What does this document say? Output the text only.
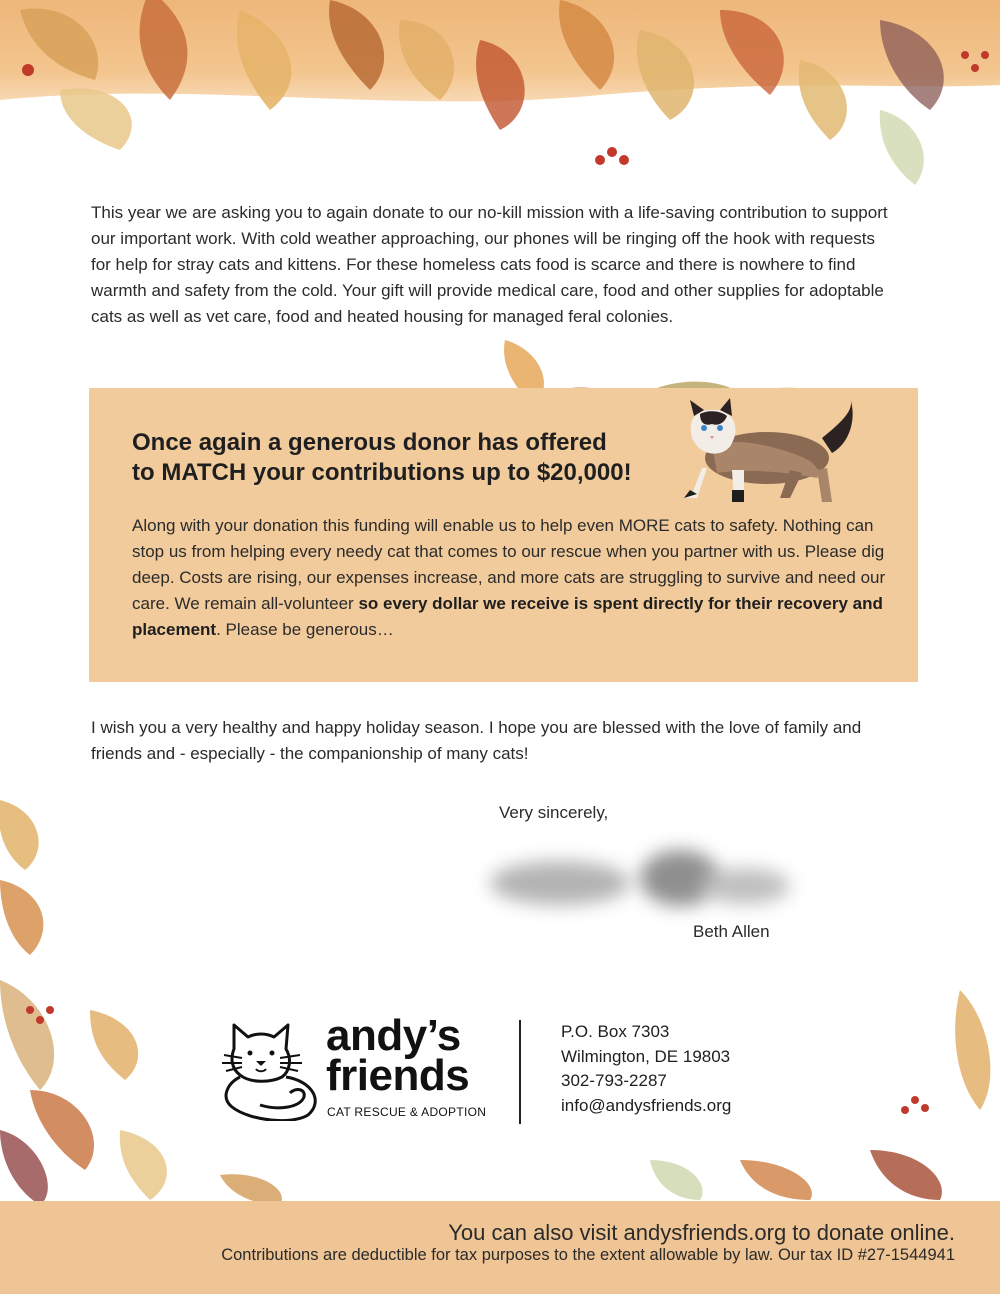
This year we are asking you to again donate to our no-kill mission with a life-saving contribution to support our important work. With cold weather approaching, our phones will be ringing off the hook with requests for help for stray cats and kittens. For these homeless cats food is scarce and there is nowhere to find warmth and safety from the cold. Your gift will provide medical care, food and other supplies for adoptable cats as well as vet care, food and heated housing for managed feral colonies.

Once again a generous donor has offered
to MATCH your contributions up to $20,000!

Along with your donation this funding will enable us to help even MORE cats to safety. Nothing can stop us from helping every needy cat that comes to our rescue when you partner with us. Please dig deep. Costs are rising, our expenses increase, and more cats are struggling to survive and need our care. We remain all-volunteer so every dollar we receive is spent directly for their recovery and placement. Please be generous…

I wish you a very healthy and happy holiday season. I hope you are blessed with the love of family and friends and - especially - the companionship of many cats!

Very sincerely,
Beth Allen
andy’s
friends
CAT RESCUE & ADOPTION
P.O. Box 7303
Wilmington, DE 19803
302-793-2287
info@andysfriends.org
You can also visit andysfriends.org to donate online.
Contributions are deductible for tax purposes to the extent allowable by law. Our tax ID #27-1544941
